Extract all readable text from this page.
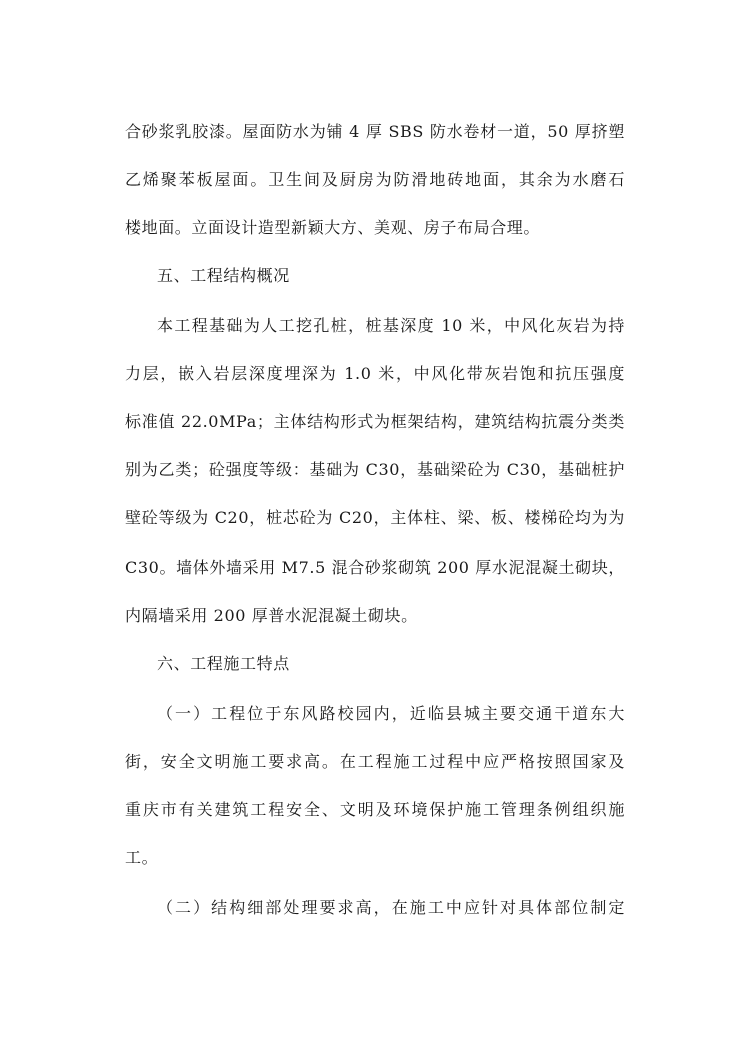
合砂浆乳胶漆。屋面防水为铺 4 厚 SBS 防水卷材一道，50 厚挤塑
乙烯聚苯板屋面。卫生间及厨房为防滑地砖地面，其余为水磨石
楼地面。立面设计造型新颖大方、美观、房子布局合理。
五、工程结构概况
本工程基础为人工挖孔桩，桩基深度 10 米，中风化灰岩为持
力层，嵌入岩层深度埋深为 1.0 米，中风化带灰岩饱和抗压强度
标准值 22.0MPa；主体结构形式为框架结构，建筑结构抗震分类类
别为乙类；砼强度等级：基础为 C30，基础梁砼为 C30，基础桩护
壁砼等级为 C20，桩芯砼为 C20，主体柱、梁、板、楼梯砼均为为
C30。墙体外墙采用 M7.5 混合砂浆砌筑 200 厚水泥混凝土砌块，
内隔墙采用 200 厚普水泥混凝土砌块。
六、工程施工特点
（一）工程位于东风路校园内，近临县城主要交通干道东大
街，安全文明施工要求高。在工程施工过程中应严格按照国家及
重庆市有关建筑工程安全、文明及环境保护施工管理条例组织施
工。
（二）结构细部处理要求高，在施工中应针对具体部位制定
